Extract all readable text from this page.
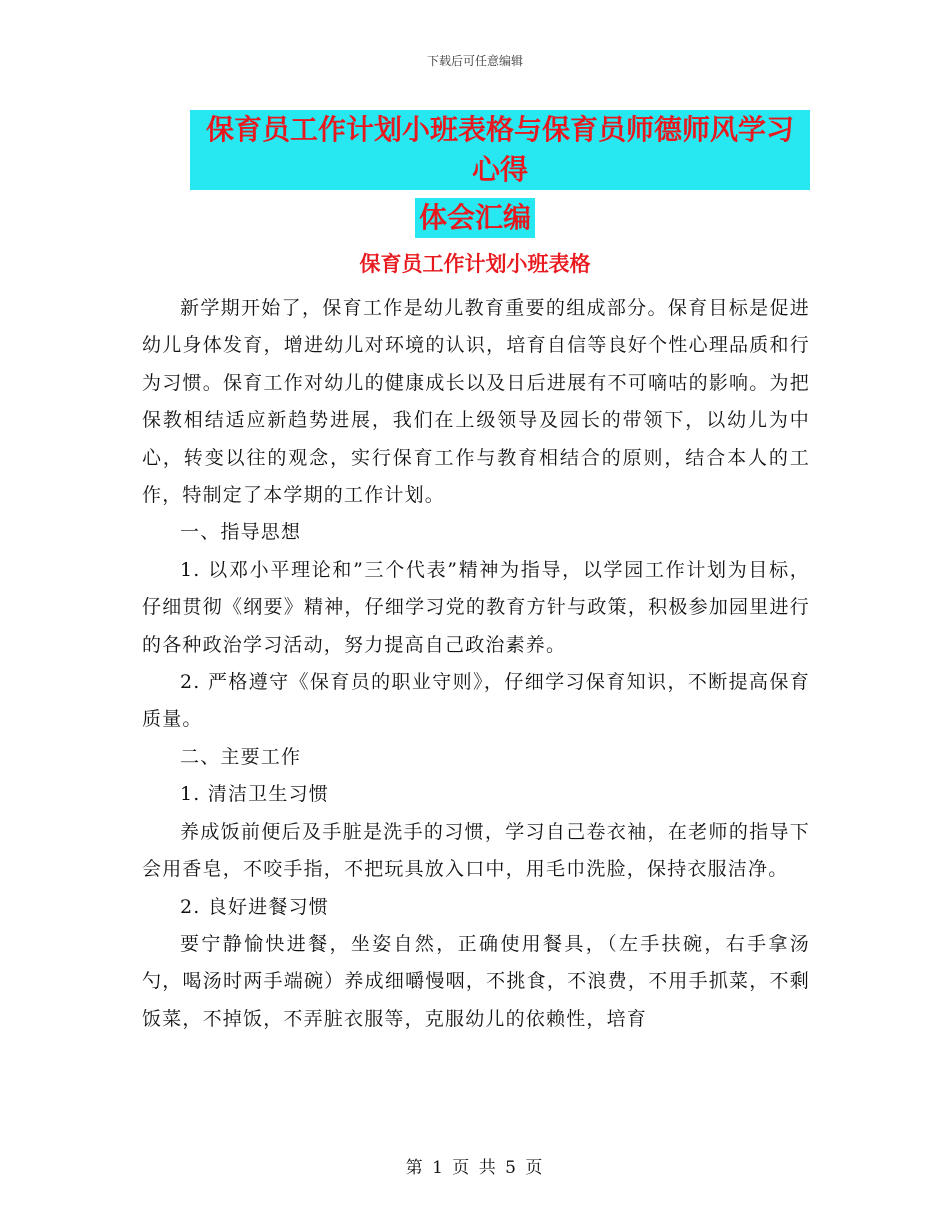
下载后可任意编辑
保育员工作计划小班表格与保育员师德师风学习心得
体会汇编
保育员工作计划小班表格

新学期开始了，保育工作是幼儿教育重要的组成部分。保育目标是促进幼儿身体发育，增进幼儿对环境的认识，培育自信等良好个性心理品质和行为习惯。保育工作对幼儿的健康成长以及日后进展有不可嘀咕的影响。为把保教相结适应新趋势进展，我们在上级领导及园长的带领下，以幼儿为中心，转变以往的观念，实行保育工作与教育相结合的原则，结合本人的工作，特制定了本学期的工作计划。

一、指导思想

1. 以邓小平理论和”三个代表”精神为指导，以学园工作计划为目标，仔细贯彻《纲要》精神，仔细学习党的教育方针与政策，积极参加园里进行的各种政治学习活动，努力提高自己政治素养。

2. 严格遵守《保育员的职业守则》，仔细学习保育知识，不断提高保育质量。

二、主要工作

1. 清洁卫生习惯

养成饭前便后及手脏是洗手的习惯，学习自己卷衣袖，在老师的指导下会用香皂，不咬手指，不把玩具放入口中，用毛巾洗脸，保持衣服洁净。

2. 良好进餐习惯

要宁静愉快进餐，坐姿自然，正确使用餐具，（左手扶碗，右手拿汤勺，喝汤时两手端碗）养成细嚼慢咽，不挑食，不浪费，不用手抓菜，不剩饭菜，不掉饭，不弄脏衣服等，克服幼儿的依赖性，培育

第 1 页 共 5 页
